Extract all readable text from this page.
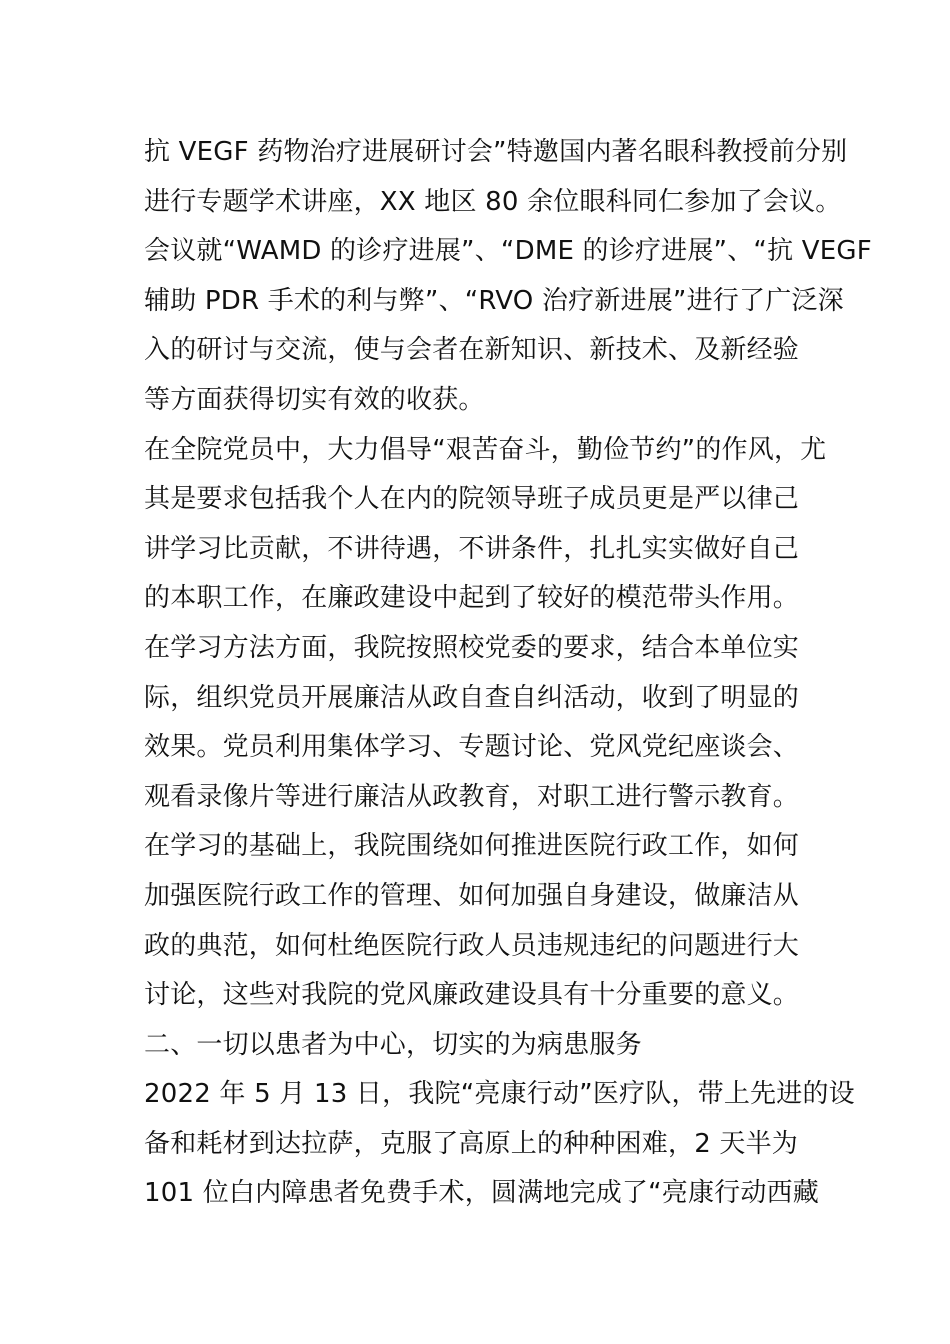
抗 VEGF 药物治疗进展研讨会”特邀国内著名眼科教授前分别
进行专题学术讲座，XX 地区 80 余位眼科同仁参加了会议。
会议就“WAMD 的诊疗进展”、“DME 的诊疗进展”、“抗 VEGF
辅助 PDR 手术的利与弊”、“RVO 治疗新进展”进行了广泛深
入的研讨与交流，使与会者在新知识、新技术、及新经验
等方面获得切实有效的收获。
在全院党员中，大力倡导“艰苦奋斗，勤俭节约”的作风，尤
其是要求包括我个人在内的院领导班子成员更是严以律己
讲学习比贡献，不讲待遇，不讲条件，扎扎实实做好自己
的本职工作，在廉政建设中起到了较好的模范带头作用。
在学习方法方面，我院按照校党委的要求，结合本单位实
际，组织党员开展廉洁从政自查自纠活动，收到了明显的
效果。党员利用集体学习、专题讨论、党风党纪座谈会、
观看录像片等进行廉洁从政教育，对职工进行警示教育。
在学习的基础上，我院围绕如何推进医院行政工作，如何
加强医院行政工作的管理、如何加强自身建设，做廉洁从
政的典范，如何杜绝医院行政人员违规违纪的问题进行大
讨论，这些对我院的党风廉政建设具有十分重要的意义。
二、一切以患者为中心，切实的为病患服务
2022 年 5 月 13 日，我院“亮康行动”医疗队，带上先进的设
备和耗材到达拉萨，克服了高原上的种种困难，2 天半为
101 位白内障患者免费手术，圆满地完成了“亮康行动西藏
